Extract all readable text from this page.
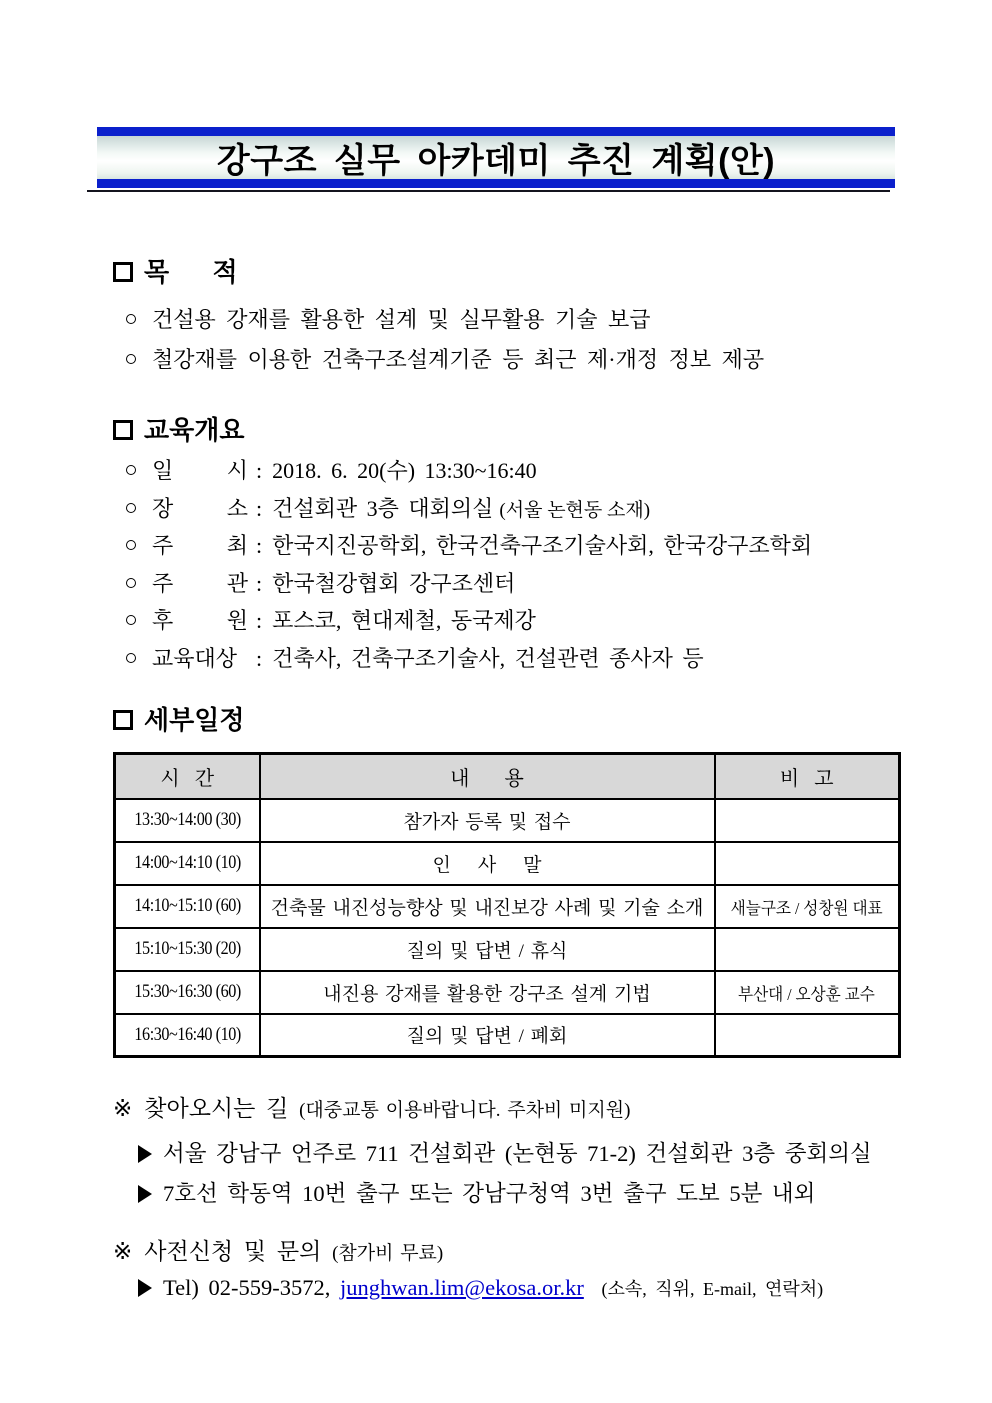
강구조 실무 아카데미 추진 계획(안)
목      적
건설용 강재를 활용한 설계 및 실무활용 기술 보급
철강재를 이용한 건축구조설계기준 등 최근 제·개정 정보 제공
교육개요
일 시 : 2018. 6. 20(수) 13:30~16:40
장 소 : 건설회관 3층 대회의실 (서울 논현동 소재)
주 최 : 한국지진공학회, 한국건축구조기술사회, 한국강구조학회
주 관 : 한국철강협회 강구조센터
후 원 : 포스코, 현대제철, 동국제강
교육대상 : 건축사, 건축구조기술사, 건설관련 종사자 등
세부일정
시   간	내       용	비   고
13:30~14:00 (30)	참가자 등록 및 접수	
14:00~14:10 (10)	인    사    말	
14:10~15:10 (60)	건축물 내진성능향상 및 내진보강 사례 및 기술 소개	새늘구조 / 성창원 대표
15:10~15:30 (20)	질의 및 답변 / 휴식	
15:30~16:30 (60)	내진용 강재를 활용한 강구조 설계 기법	부산대 / 오상훈 교수
16:30~16:40 (10)	질의 및 답변 / 폐회	
※ 찾아오시는 길 (대중교통 이용바랍니다. 주차비 미지원)
서울 강남구 언주로 711 건설회관 (논현동 71-2) 건설회관 3층 중회의실
7호선 학동역 10번 출구 또는 강남구청역 3번 출구 도보 5분 내외
※ 사전신청 및 문의 (참가비 무료)
Tel) 02-559-3572, junghwan.lim@ekosa.or.kr (소속, 직위, E-mail, 연락처)
